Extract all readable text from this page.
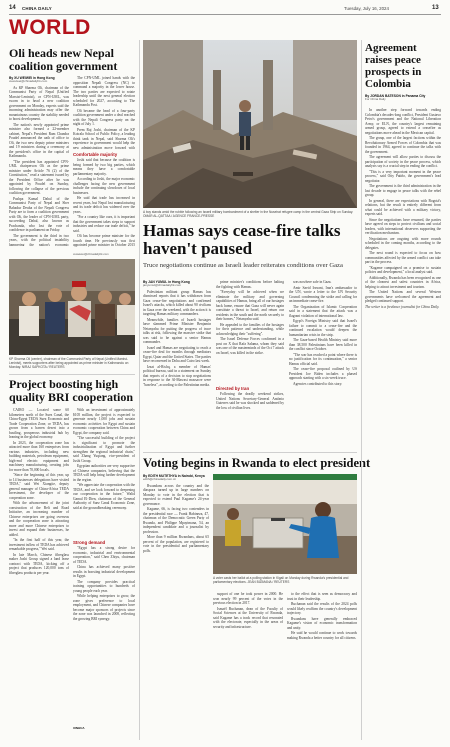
14 CHINA DAILY	Tuesday, July 16, 2024	13
WORLD
Oli heads new Nepal coalition government
By XU WEIWEI in Hong Kong
xuweiwei@chinadailyhk.com

As KP Sharma Oli, chairman of the Communist Party of Nepal (Unified Marxist-Leninist), or CPN-UML, was sworn in to head a new coalition government on Monday, experts said the incoming administration may offer the mountainous country the stability needed to boost development.

The nation's newly appointed prime minister also formed a 22-member cabinet, Nepal's President Ram Chandra Poudel announced the oath of office to Oli, the two new deputy prime ministers and 19 ministers during a ceremony at the president's office in the capital of Kathmandu.

"The president has appointed CPN-UML chairperson Oli as the prime minister under Article 76 (2) of the Constitution," read a statement issued by the President Office after he was appointed by Poudel on Sunday, following the collapse of the previous coalition government.

Pushpa Kamal Dahal of the Communist Party of Nepal and Sher Bahadur Deuba of the Nepali Congress Party are to form a coalition government with Oli, the leader of CPN-UML party, succeeding Dahal, also known as Prachanda, who lost the vote of confidence in parliament on Friday.

The government is the third in two years, with the political instability hampering the nation's economic

The CPN-UML joined hands with the opposition Nepali Congress (NC) to command a majority in the lower house. The two parties are expected to rotate leadership until the next general election scheduled for 2027, according to The Kathmandu Post.

Oli became the head of a four-party coalition government under a deal reached with the Nepali Congress party on the night of July 1.

Prem Raj Joshi, chairman of the KP Koirala School of Public Policy, a leading think tank in Nepal, said Sharma Oli's experience in government would help the new administration move forward with

Comfortable majority

Joshi said that because the coalition is being formed by two big parties, which means they have a comfortable parliamentary majority.

According to Joshi, the major economic challenges facing the new government include the continuing slowdown of local businesses.

He said that trade has increased in recent years, but Nepal lost manufacturing and its trade deficit has widened over the years.

"For a country like ours, it is important that the government takes steps to support industries and reduce our trade deficit," he said.

Oli has become prime minister for the fourth time. He previously was first appointed prime minister in October 2015

xuweiwei@chinadailyhk.com
KP Sharma Oli (center), chairman of the Communist Party of Nepal (Unified Marxist-Leninist), meets supporters after being appointed as prime minister in Kathmandu on Monday. NIRAJ SAPKOTA / REUTERS
Project boosting high quality BRI cooperation

CAIRO — Located some 60 kilometers north of the Suez Canal, the China-Egypt TEDA Suez Economic and Trade Cooperation Zone, or TEDA, has grown from a barren desert into a bustling, prosperous industrial hub by leaning in the global economy.

In 2023, the cooperation zone has attracted more than 160 enterprises from various industries, including new building materials, petroleum equipment, high-end electric equipment and machinery manufacturing, creating jobs for more than 70,000 locals.

"Since the beginning of this year, up to 14 businesses delegations have visited TEDA," said Wei Xiangtie, deputy general manager of China-Africa TEDA Investment, the developer of the cooperation zone.

With the advancement of the joint construction of the Belt and Road Initiative, an increasing number of Chinese enterprises are going overseas and the cooperation zone is attracting more and more Chinese enterprises to invest and expand their businesses, he added.

"In the first half of this year, the investment inflow of TEDA has achieved remarkable progress," Wei said.

In late March, Chinese fiberglass maker Jushi Group signed a land lease contract with TEDA, kicking off a project that produces 120,000 tons of fiberglass products per year.

With an investment of approximately $105 million, the project is expected to generate nearly 1,000 jobs and sustain economic activities for Egypt and sustain economic cooperation between China and Egypt, the company said.

"The successful building of the project is significant to promote the industrialization of Egypt and further strengthen the regional industrial chain," said Zhang Yuqiang, vice-president of Jushi Group.

Egyptian authorities are very supportive of Chinese companies, believing that the TEDA will help bring further development in the region.

"We appreciate the cooperation with the TEDA, and we look forward to deepening our cooperation in the future," Walid Gamal El-Dien, chairman of the General Authority of Suez Canal Economic Zone, said at the groundbreaking ceremony.

Strong demand

"Egypt has a strong desire for economic, industrial and environmental cooperation," said Chen Zhiyu, chairman of TEDA.

China has achieved many positive results in boosting industrial development in Egypt.

The company provides practical training opportunities to hundreds of young people each year.

While helping enterprises to grow, the zone gives preference to local employment, and Chinese companies have become major sponsors of projects since the zone was launched in 2008, reflecting the growing BRI synergy.

XINHUA
A boy stands amid the rubble following an Israeli military bombardment of a shelter in the Nuseirat refugee camp in the central Gaza Strip on Sunday. OMAR AL-QATTAA / AGENCE FRANCE-PRESSE
Hamas says cease-fire talks haven't paused
Truce negotiations continue as Israeli leader reiterates conditions over Gaza
By JAN YUMUL in Hong Kong
janyumul@chinadailyhk.com

Palestinian militant group Hamas has dismissed reports that it has withdrawn from Gaza cease-fire negotiations and confirmed Israel's attacks, which killed about 90 civilians in Gaza over the weekend, with the action it is targeting Hamas military commanders.

Meanwhile, families of Israeli hostages have slammed Prime Minister Benjamin Netanyahu for putting the progress of truce talks at risk, following the massive strike that was said to be against a senior Hamas commander.

Israel and Hamas are negotiating to reach a cease-fire deal for months through mediators Egypt, Qatar and the United States. The parties have reconvened in Doha and Cairo last week.

Izzat al-Rishq, a member of Hamas' political bureau, said in a statement on Sunday that reports of a decision to stop negotiations in response to the Al-Mawasi massacre were "baseless", according to the Palestinian media.

prime minister's conditions before halting the fighting with Hamas.

"Everyday will be achieved when we eliminate the military and governing capabilities of Hamas, bring all of our hostages back home, ensure that Gaza will never again constitute a threat to Israel, and return our residents in the south and the north securely to their homes," Netanyahu said.

He appealed to the families of the hostages for their patience and understanding, while acknowledging their "suffering".

The Israel Defense Forces confirmed in a post on X that Rafa Salama, whom they said was one of the masterminds of the Oct 7 attack on Israel, was killed in the strike.

Directed by Iran

Following the deadly weekend strikes, United Nations Secretary-General António Guterres said he was shocked and saddened by the loss of civilian lives.

was nowhere safe in Gaza.

Amir Saeid Iravani, Iran's ambassador to the UN, wrote a letter to the UN Security Council condemning the strike and calling for an immediate cease-fire.

The Organization of Islamic Cooperation said in a statement that the attack was a flagrant violation of international law.

Egypt's Foreign Ministry said that Israel's failure to commit to a cease-fire and the continued escalation would deepen the humanitarian crisis in the strip.

The Gaza-based Health Ministry said more than 38,500 Palestinians have been killed in the conflict since October.

"The war has reached a point where there is no justification for its continuation," a senior Hamas official said.

The cease-fire proposal outlined by US President Joe Biden includes a phased approach starting with a six-week truce.

Agencies contributed to this story.

Voting begins in Rwanda to elect president
By EDITH MUTETHYA in Nairobi, Kenya
edith@chinadaily.com.cn

Rwandans across the country and the diaspora turned up in large numbers on Monday to vote in the election that is expected to extend Paul Kagame's 24-year governance.

Kagame, 66, is facing two contenders in the presidential race — Frank Habineza, 47, chairman of the Democratic Green Party of Rwanda, and Philippe Mpayimana, 54, an independent candidate and a journalist by profession.

More than 9 million Rwandans, about 65 percent of the population, are registered to vote in the presidential and parliamentary polls.

A voter casts her ballot at a polling station in Kigali on Monday during Rwanda's presidential and parliamentary elections. JEAN BIZIMANA / REUTERS

support of one he took power in 2000. He won nearly 99 percent of the votes in the previous election in 2017.

Ismaël Buchanan, dean of the Faculty of Social Sciences at the University of Rwanda, said Kagame has a track record that resonated with the electorate, especially in the areas of security and infrastructure.

to the effect that is seen as democracy and trust in their leadership.

Buchanan said the results of the 2024 polls would likely reaffirm the country's development trajectory.

Rwandans have generally embraced Kagame's vision of economic transformation and unity.

He said he would continue to work towards making Rwanda a better country for all citizens.

Agreement raises peace prospects in Colombia
By JORDAN BATESON in Panama City
For China Daily

In another step forward towards ending Colombia's decades-long conflict, President Gustavo Petro's government and the National Liberation Army, or ELN, the country's largest remaining armed group, agreed to extend a ceasefire as negotiations move ahead in the Mexican capital.

The group, one of the largest factions within the Revolutionary Armed Forces of Colombia that was founded in 1964, agreed to continue the talks with the government.

The agreement will allow parties to discuss the participation of society in the peace process, which analysts say is a crucial step in ending the conflict.

"This is a very important moment in the peace process," said Otty Patiño, the government's lead negotiator.

The government is the third administration in the last decade to engage in peace talks with the rebel group.

In general, there are expectations with Bogotá's relations, but the result is entirely different from what could be achieved with a military victory, experts said.

Since the negotiations have resumed, the parties have agreed on steps to protect civilians and social leaders, with international observers supporting the verification mechanism.

Negotiations are ongoing with more rounds scheduled in the coming months, according to the delegates.

The next round is expected to focus on how communities affected by the armed conflict can take part in the process.

"Kagame campaigned on a promise to sustain policies and development," a local analyst said.

Additionally, Rwanda has been recognized as one of the cleanest and safest countries in Africa, helping to attract investment and tourism.

The United Nations and several Western governments have welcomed the agreement and pledged continued support.

The writer is a freelance journalist for China Daily.
